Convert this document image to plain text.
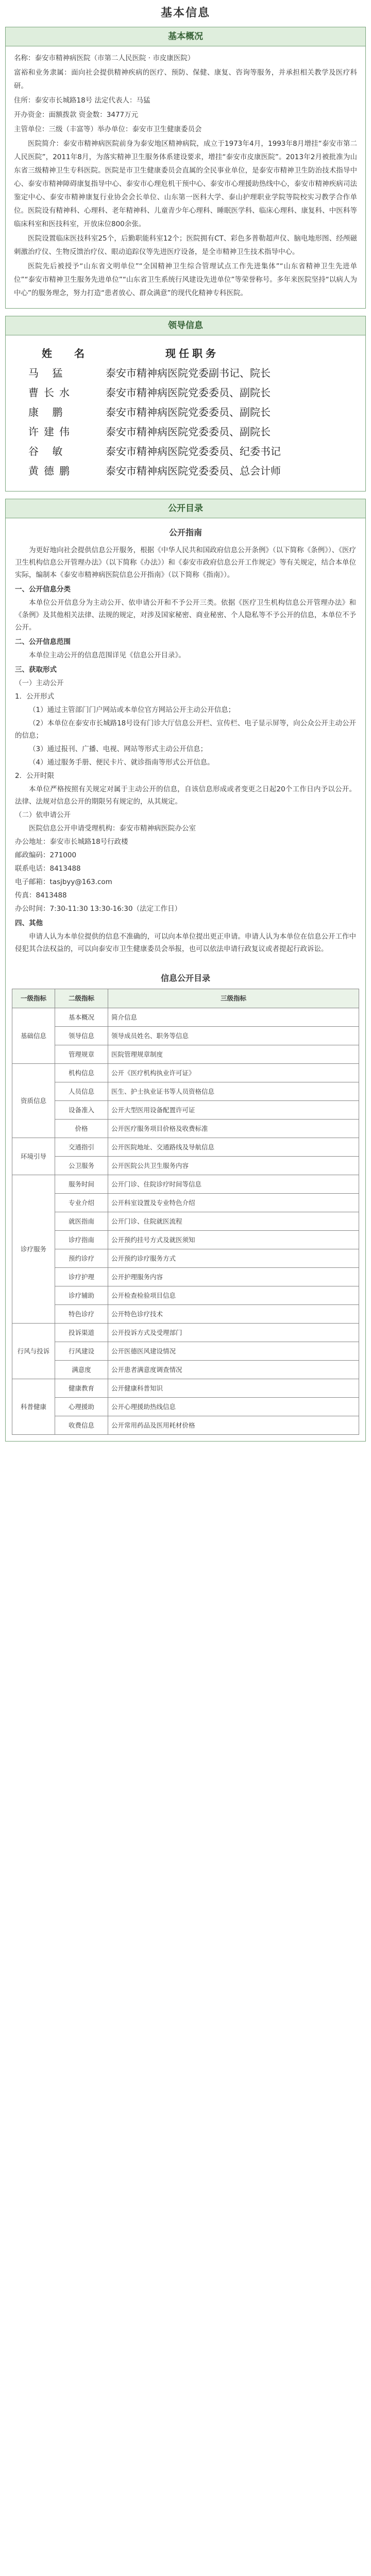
基本信息
基本概况

名称：泰安市精神病医院（市第二人民医院 · 市皮康医院）

富裕和业务隶属：面向社会提供精神疾病的医疗、预防、保健、康复、咨询等服务，并承担相关教学及医疗科研。

住所：泰安市长城路18号 法定代表人：马猛

开办资金：面额拨款 资金数：3477万元

主管单位：三级（丰富等）举办单位：泰安市卫生健康委员会

医院简介：泰安市精神病医院前身为泰安地区精神病院，成立于1973年4月，1993年8月增挂“泰安市第二人民医院”，2011年8月，为落实精神卫生服务体系建设要求，增挂“泰安市皮康医院”。2013年2月被批准为山东省三级精神卫生专科医院。医院是市卫生健康委员会直属的全民事业单位，是泰安市精神卫生防治技术指导中心、泰安市精神障碍康复指导中心、泰安市心理危机干预中心、泰安市心理援助热线中心，泰安市精神疾病司法鉴定中心、泰安市精神康复行业协会会长单位、山东第一医科大学、泰山护理职业学院等院校实习教学合作单位。医院设有精神科、心理科、老年精神科、儿童青少年心理科、睡眠医学科、临床心理科、康复科、中医科等临床科室和医技科室，开放床位800余张。

医院设置临床医技科室25个，后勤职能科室12个；医院拥有CT、彩色多普勒超声仪、脑电地形图、经颅磁刺激治疗仪、生物反馈治疗仪、眼动追踪仪等先进医疗设备，是全市精神卫生技术指导中心。

医院先后被授予“山东省文明单位”“全国精神卫生综合管理试点工作先进集体”“山东省精神卫生先进单位”“泰安市精神卫生服务先进单位”“山东省卫生系统行风建设先进单位”等荣誉称号。多年来医院坚持“以病人为中心”的服务理念，努力打造“患者放心、群众满意”的现代化精神专科医院。

领导信息
姓 名	现任职务
马 猛	泰安市精神病医院党委副书记、院长
曹长水	泰安市精神病医院党委委员、副院长
康 鹏	泰安市精神病医院党委委员、副院长
许建伟	泰安市精神病医院党委委员、副院长
谷 敏	泰安市精神病医院党委委员、纪委书记
黄德鹏	泰安市精神病医院党委委员、总会计师
公开目录
公开指南

为更好地向社会提供信息公开服务，根据《中华人民共和国政府信息公开条例》（以下简称《条例》）、《医疗卫生机构信息公开管理办法》（以下简称《办法》）和《泰安市政府信息公开工作规定》等有关规定，结合本单位实际，编制本《泰安市精神病医院信息公开指南》（以下简称《指南》）。

一、公开信息分类

本单位公开信息分为主动公开、依申请公开和不予公开三类。依据《医疗卫生机构信息公开管理办法》和《条例》及其他相关法律、法规的规定，对涉及国家秘密、商业秘密、个人隐私等不予公开的信息，本单位不予公开。

二、公开信息范围

本单位主动公开的信息范围详见《信息公开目录》。

三、获取形式

（一）主动公开

1．公开形式

（1）通过主管部门门户网站或本单位官方网站公开主动公开信息；

（2）本单位在泰安市长城路18号设有门诊大厅信息公开栏、宣传栏、电子显示屏等，向公众公开主动公开的信息；

（3）通过报刊、广播、电视、网站等形式主动公开信息；

（4）通过服务手册、便民卡片、就诊指南等形式公开信息。

2．公开时限

本单位严格按照有关规定对属于主动公开的信息，自该信息形成或者变更之日起20个工作日内予以公开。法律、法规对信息公开的期限另有规定的，从其规定。

（二）依申请公开

医院信息公开申请受理机构：泰安市精神病医院办公室

办公地址：泰安市长城路18号行政楼

邮政编码：271000

联系电话：8413488

电子邮箱：tasjbyy@163.com

传真：8413488

办公时间：7:30-11:30 13:30-16:30（法定工作日）

四、其他

申请人认为本单位提供的信息不准确的，可以向本单位提出更正申请。申请人认为本单位在信息公开工作中侵犯其合法权益的，可以向泰安市卫生健康委员会举报，也可以依法申请行政复议或者提起行政诉讼。

信息公开目录
一级指标	二级指标	三级指标
基础信息	基本概况	简介信息
	领导信息	领导成员姓名、职务等信息
	管理规章	医院管理规章制度
资质信息	机构信息	公开《医疗机构执业许可证》
	人员信息	医生、护士执业证书等人员资格信息
	设备准入	公开大型医用设备配置许可证
	价格	公开医疗服务项目价格及收费标准
环境引导	交通指引	公开医院地址、交通路线及导航信息
	公卫服务	公开医院公共卫生服务内容
诊疗服务	服务时间	公开门诊、住院诊疗时间等信息
	专业介绍	公开科室设置及专业特色介绍
	就医指南	公开门诊、住院就医流程
	诊疗指南	公开预约挂号方式及就医须知
	预约诊疗	公开预约诊疗服务方式
	诊疗护理	公开护理服务内容
	诊疗辅助	公开检查检验项目信息
	特色诊疗	公开特色诊疗技术
行风与投诉	投诉渠道	公开投诉方式及受理部门
	行风建设	公开医德医风建设情况
	满意度	公开患者满意度调查情况
科普健康	健康教育	公开健康科普知识
	心理援助	公开心理援助热线信息
	收费信息	公开常用药品及医用耗材价格
